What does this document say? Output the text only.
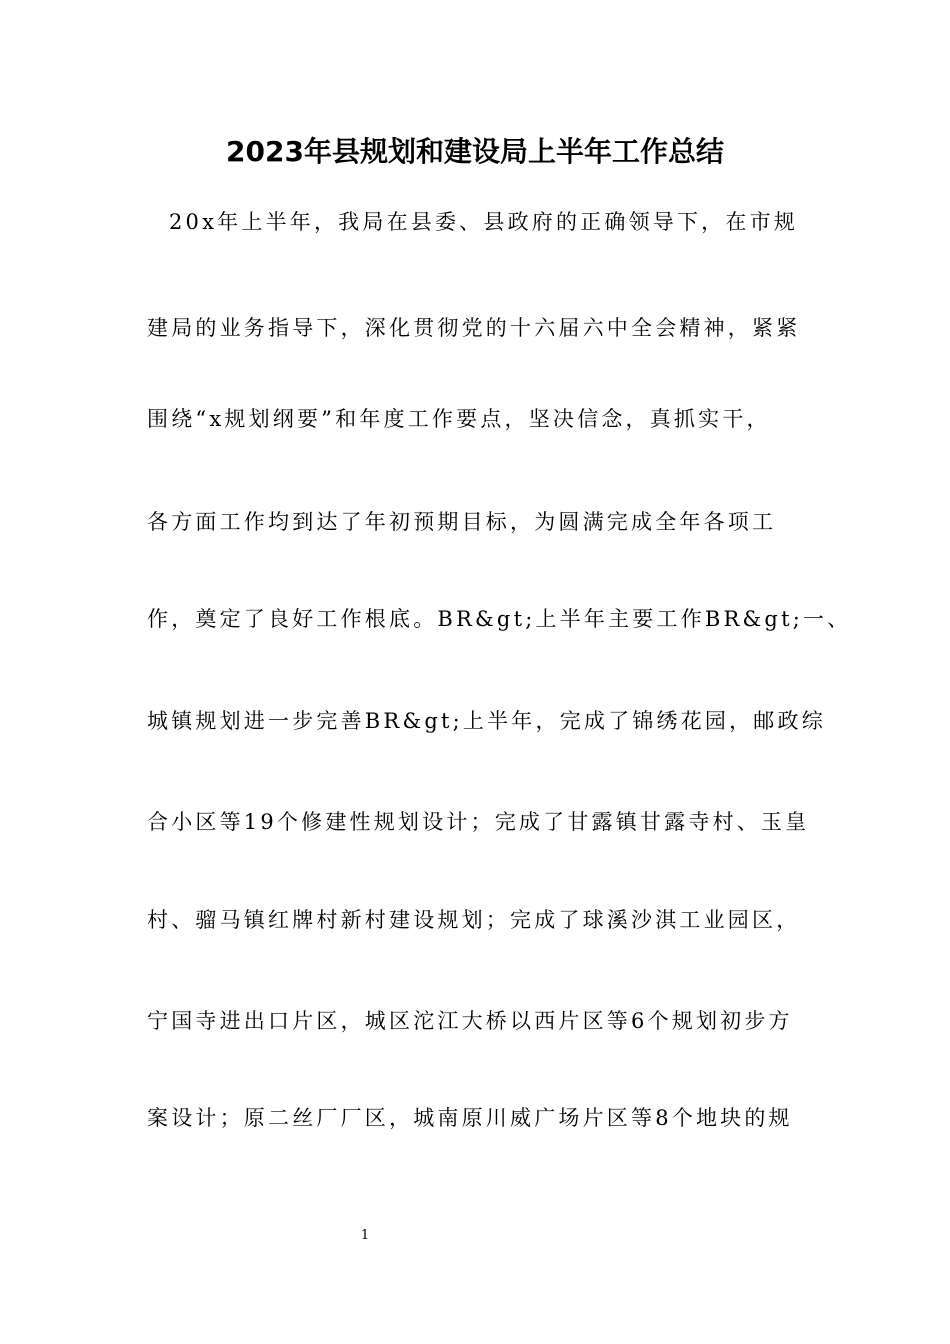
2023年县规划和建设局上半年工作总结
20x年上半年，我局在县委、县政府的正确领导下，在市规
建局的业务指导下，深化贯彻党的十六届六中全会精神，紧紧
围绕“x规划纲要”和年度工作要点，坚决信念，真抓实干，
各方面工作均到达了年初预期目标，为圆满完成全年各项工
作，奠定了良好工作根底。BR&gt;上半年主要工作BR&gt;一、
城镇规划进一步完善BR&gt;上半年，完成了锦绣花园，邮政综
合小区等19个修建性规划设计；完成了甘露镇甘露寺村、玉皇
村、骝马镇红牌村新村建设规划；完成了球溪沙淇工业园区，
宁国寺进出口片区，城区沱江大桥以西片区等6个规划初步方
案设计；原二丝厂厂区，城南原川威广场片区等8个地块的规
1
